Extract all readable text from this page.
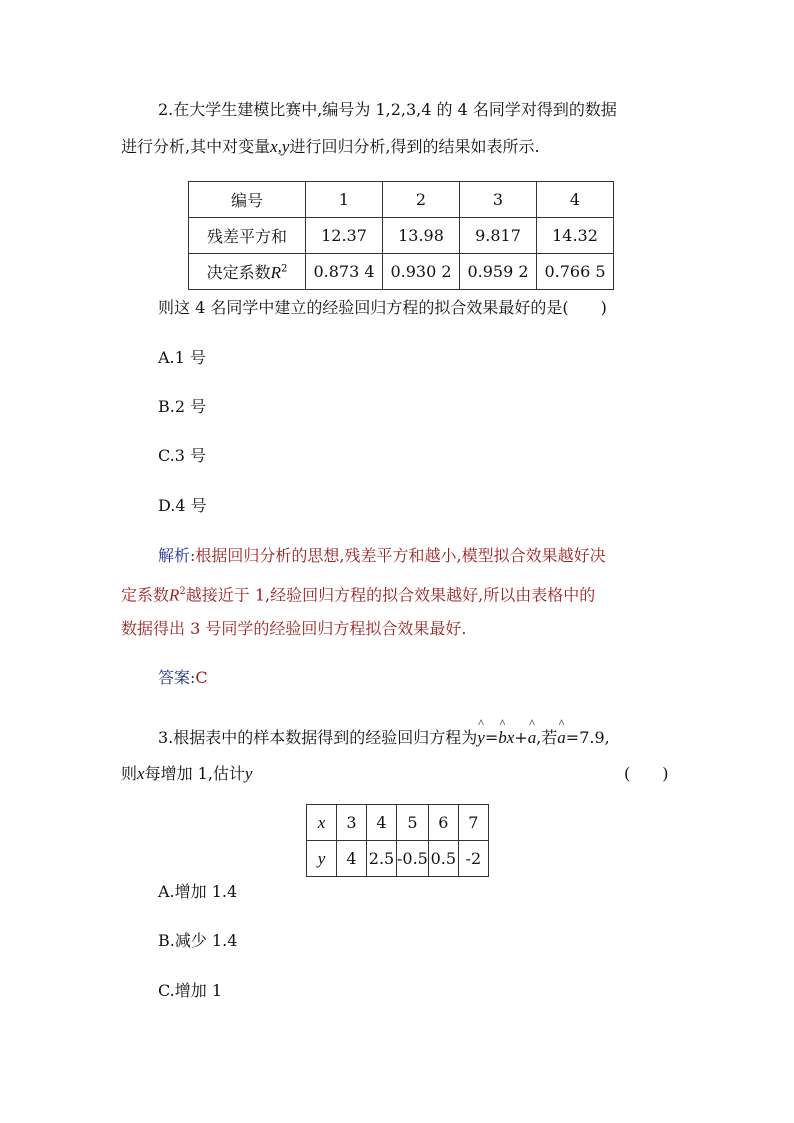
2.在大学生建模比赛中,编号为 1,2,3,4 的 4 名同学对得到的数据
进行分析,其中对变量x,y进行回归分析,得到的结果如表所示.
编号	1	2	3	4
残差平方和	12.37	13.98	9.817	14.32
决定系数$R^2$	0.873 4	0.930 2	0.959 2	0.766 5
则这 4 名同学中建立的经验回归方程的拟合效果最好的是(　　)
A.1 号
B.2 号
C.3 号
D.4 号
解析:根据回归分析的思想,残差平方和越小,模型拟合效果越好决
定系数$R^2$越接近于 1,经验回归方程的拟合效果越好,所以由表格中的
数据得出 3 号同学的经验回归方程拟合效果最好.
答案:C
3.根据表中的样本数据得到的经验回归方程为^ y=^ bx+^ a,若^ a=7.9,
则x每增加 1,估计y	(　　)
x	3	4	5	6	7
y	4	2.5	-0.5	0.5	-2
A.增加 1.4
B.减少 1.4
C.增加 1
